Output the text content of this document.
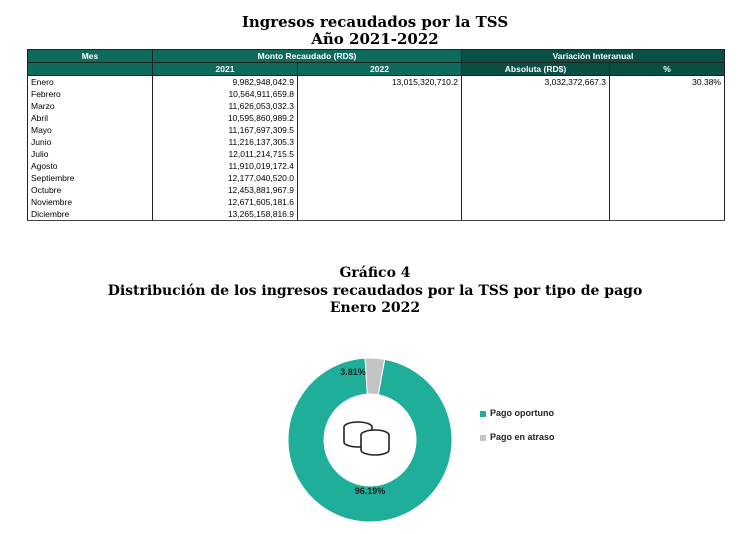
Ingresos recaudados por la TSS
Año 2021-2022
Mes	Monto Recaudado (RD$)		Variación Interanual	
	2021	2022	Absoluta (RD$)	%
Enero	9,982,948,042.9	13,015,320,710.2	3,032,372,667.3	30.38%
Febrero	10,564,911,659.8			
Marzo	11,626,053,032.3			
Abril	10,595,860,989.2			
Mayo	11,167,697,309.5			
Junio	11,216,137,305.3			
Julio	12,011,214,715.5			
Agosto	11,910,019,172.4			
Septiembre	12,177,040,520.0			
Octubre	12,453,881,967.9			
Noviembre	12,671,605,181.6			
Diciembre	13,265,158,816.9			
Gráfico 4
Distribución de los ingresos recaudados por la TSS por tipo de pago
Enero 2022
3.81%
96.19%
Pago oportuno
Pago en atraso
